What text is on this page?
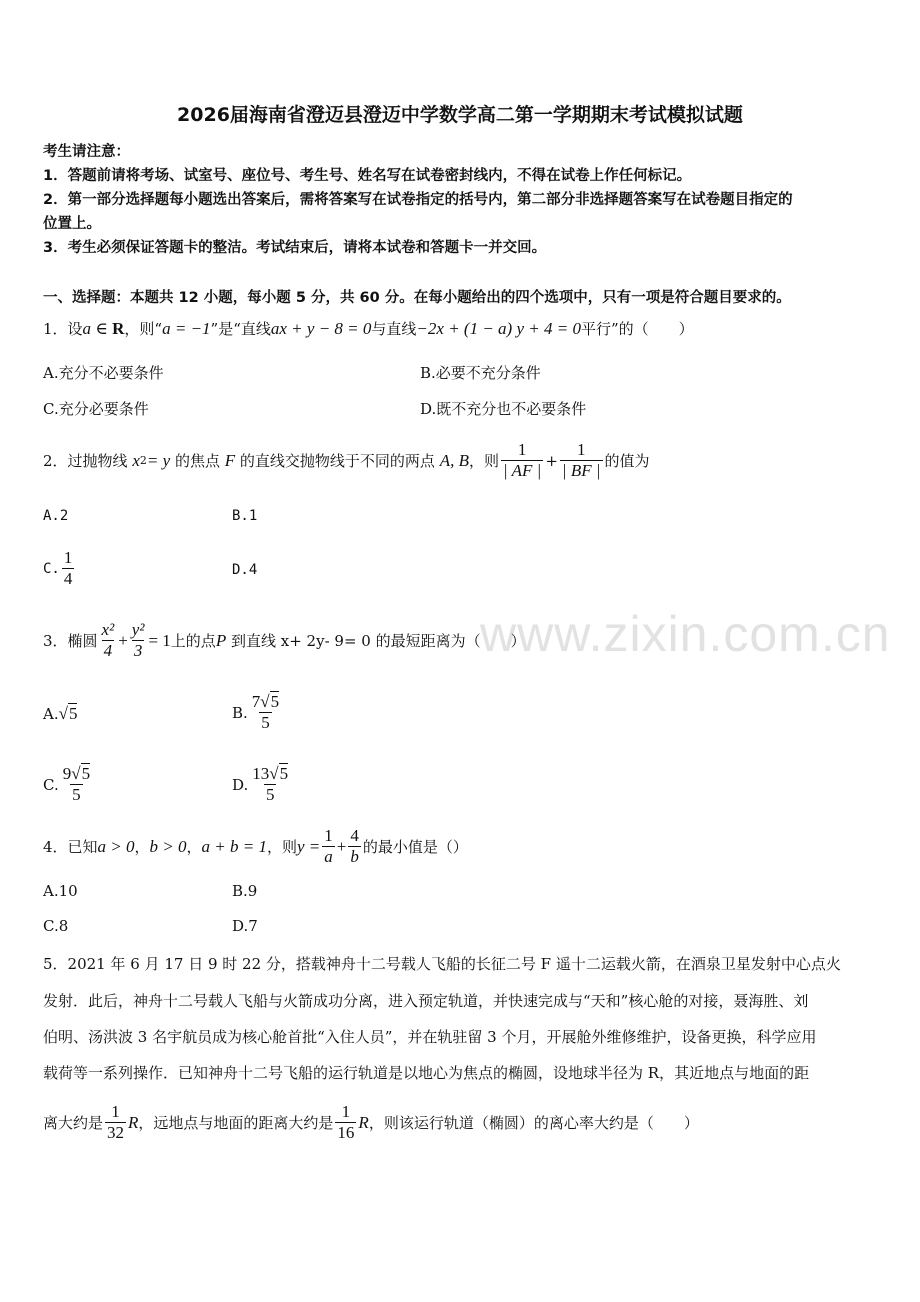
www.zixin.com.cn
2026届海南省澄迈县澄迈中学数学高二第一学期期末考试模拟试题
考生请注意：
1．答题前请将考场、试室号、座位号、考生号、姓名写在试卷密封线内，不得在试卷上作任何标记。
2．第一部分选择题每小题选出答案后，需将答案写在试卷指定的括号内，第二部分非选择题答案写在试卷题目指定的
位置上。
3．考生必须保证答题卡的整洁。考试结束后，请将本试卷和答题卡一并交回。
一、选择题：本题共 12 小题，每小题 5 分，共 60 分。在每小题给出的四个选项中，只有一项是符合题目要求的。
1．设a ∈ R，则“a = −1”是“直线ax + y − 8 = 0与直线−2x + (1 − a) y + 4 = 0平行”的（　　）
A.充分不必要条件	B.必要不充分条件
C.充分必要条件	D.既不充分也不必要条件
2．过抛物线
x 2 = y
的焦点
F
的直线交抛物线于不同的两点
A, B ，则 $\frac{1}{| AF |} + \frac{1}{| BF |}$ 的值为
A.2	B.1
C. $\frac{1}{4}$	D.4
3．椭圆 $\frac{\text{x²}}{4} + \frac{\text{y²}}{3} = 1$ 上的点 P
到直线 x+ 2y- 9= 0 的最短距离为（　　）
A.√5	B. $\frac{7√5}{5}$
C. $\frac{9√5}{5}$	D. $\frac{13√5}{5}$
4．已知 a > 0 ， b > 0 ， a + b = 1 ，则 $y = \frac{1}{a} + \frac{4}{b}$ 的最小值是（）
A.10	B.9
C.8	D.7
5．2021 年 6 月 17 日 9 时 22 分，搭载神舟十二号载人飞船的长征二号 F 遥十二运载火箭，在酒泉卫星发射中心点火
发射．此后，神舟十二号载人飞船与火箭成功分离，进入预定轨道，并快速完成与“天和”核心舱的对接，聂海胜、刘
伯明、汤洪波 3 名宇航员成为核心舱首批“入住人员”，并在轨驻留 3 个月，开展舱外维修维护，设备更换，科学应用
载荷等一系列操作．已知神舟十二号飞船的运行轨道是以地心为焦点的椭圆，设地球半径为 R，其近地点与地面的距
离大约是 $\frac{1}{32}$ R ，远地点与地面的距离大约是 $\frac{1}{16}$ R ，则该运行轨道（椭圆）的离心率大约是（　　）
